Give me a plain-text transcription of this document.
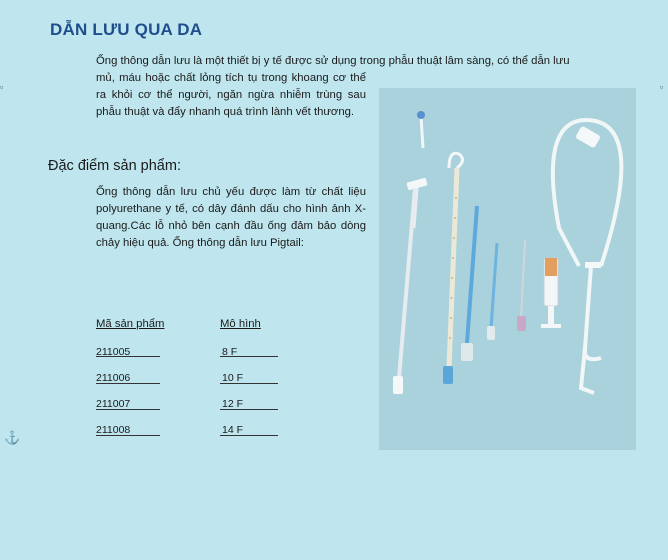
DẪN LƯU QUA DA
Ống thông dẫn lưu là một thiết bị y tế được sử dụng trong phẫu thuật lâm sàng, có thể dẫn lưu
mủ, máu hoặc chất lỏng tích tụ trong khoang cơ thể ra khỏi cơ thể người, ngăn ngừa nhiễm trùng sau phẫu thuật và đẩy nhanh quá trình lành vết thương.
Đặc điểm sản phẩm:
Ống thông dẫn lưu chủ yếu được làm từ chất liệu polyurethane y tế, có dây đánh dấu cho hình ảnh X-quang.Các lỗ nhỏ bên cạnh đầu ống đảm bảo dòng chảy hiệu quả. Ống thông dẫn lưu Pigtail:
Mã sản phẩm	Mô hình
211005	8 F
211006	10 F
211007	12 F
211008	14 F
▫	▫
⚓
